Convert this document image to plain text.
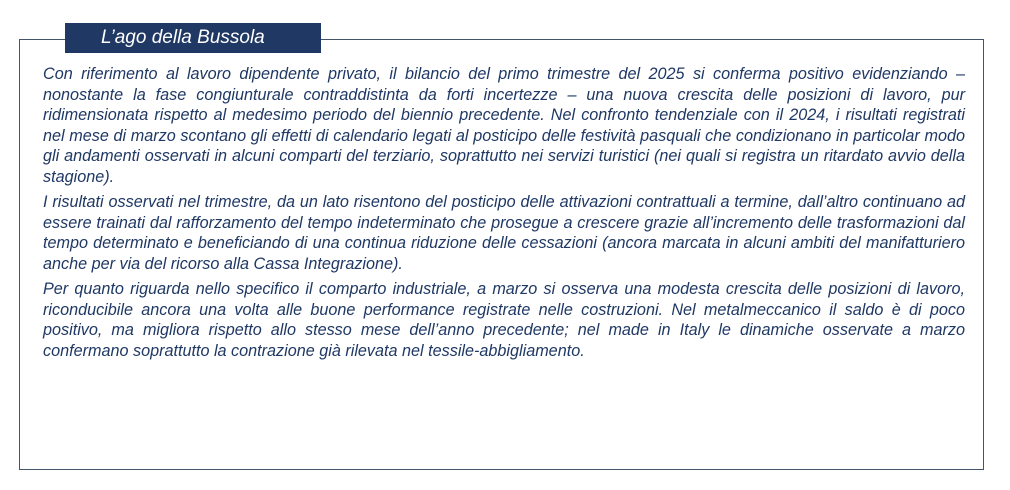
L’ago della Bussola

Con riferimento al lavoro dipendente privato, il bilancio del primo trimestre del 2025 si conferma positivo evidenziando – nonostante la fase congiunturale contraddistinta da forti incertezze – una nuova crescita delle posizioni di lavoro, pur ridimensionata rispetto al medesimo periodo del biennio precedente. Nel confronto tendenziale con il 2024, i risultati registrati nel mese di marzo scontano gli effetti di calendario legati al posticipo delle festività pasquali che condizionano in particolar modo gli andamenti osservati in alcuni comparti del terziario, soprattutto nei servizi turistici (nei quali si registra un ritardato avvio della stagione).

I risultati osservati nel trimestre, da un lato risentono del posticipo delle attivazioni contrattuali a termine, dall’altro continuano ad essere trainati dal rafforzamento del tempo indeterminato che prosegue a crescere grazie all’incremento delle trasformazioni dal tempo determinato e beneficiando di una continua riduzione delle cessazioni (ancora marcata in alcuni ambiti del manifatturiero anche per via del ricorso alla Cassa Integrazione).

Per quanto riguarda nello specifico il comparto industriale, a marzo si osserva una modesta crescita delle posizioni di lavoro, riconducibile ancora una volta alle buone performance registrate nelle costruzioni. Nel metalmeccanico il saldo è di poco positivo, ma migliora rispetto allo stesso mese dell’anno precedente; nel made in Italy le dinamiche osservate a marzo confermano soprattutto la contrazione già rilevata nel tessile-abbigliamento.
